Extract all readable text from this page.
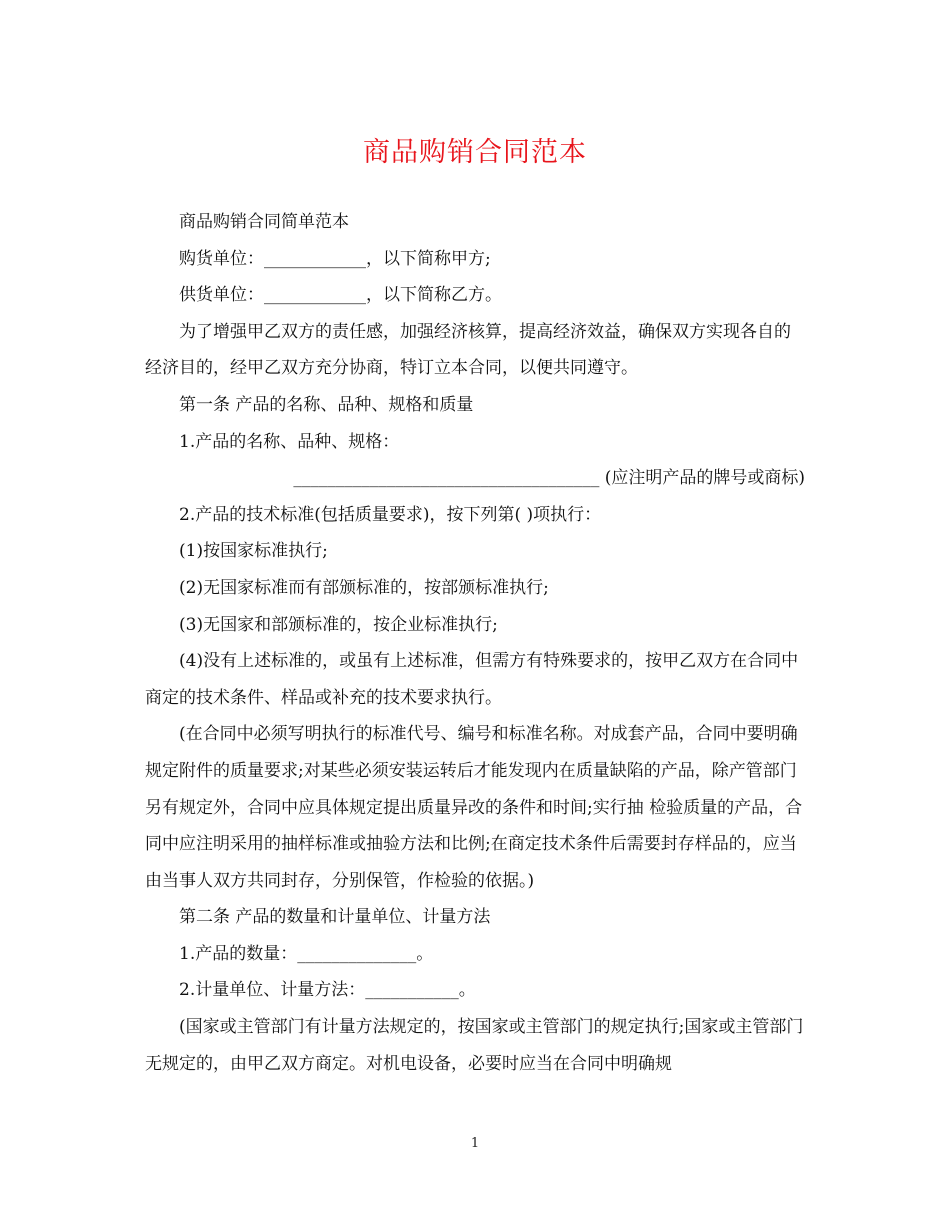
商品购销合同范本

商品购销合同简单范本

购货单位：____________，以下简称甲方;

供货单位：____________，以下简称乙方。

为了增强甲乙双方的责任感，加强经济核算，提高经济效益，确保双方实现各自的经济目的，经甲乙双方充分协商，特订立本合同，以便共同遵守。

第一条 产品的名称、品种、规格和质量

1.产品的名称、品种、规格：

____________________________________ (应注明产品的牌号或商标)

2.产品的技术标准(包括质量要求)，按下列第( )项执行：

(1)按国家标准执行;

(2)无国家标准而有部颁标准的，按部颁标准执行;

(3)无国家和部颁标准的，按企业标准执行;

(4)没有上述标准的，或虽有上述标准，但需方有特殊要求的，按甲乙双方在合同中商定的技术条件、样品或补充的技术要求执行。

(在合同中必须写明执行的标准代号、编号和标准名称。对成套产品，合同中要明确规定附件的质量要求;对某些必须安装运转后才能发现内在质量缺陷的产品，除产管部门另有规定外，合同中应具体规定提出质量异改的条件和时间;实行抽 检验质量的产品，合同中应注明采用的抽样标准或抽验方法和比例;在商定技术条件后需要封存样品的，应当由当事人双方共同封存，分别保管，作检验的依据。)

第二条 产品的数量和计量单位、计量方法

1.产品的数量：______________。

2.计量单位、计量方法：___________。

(国家或主管部门有计量方法规定的，按国家或主管部门的规定执行;国家或主管部门无规定的，由甲乙双方商定。对机电设备，必要时应当在合同中明确规

1
